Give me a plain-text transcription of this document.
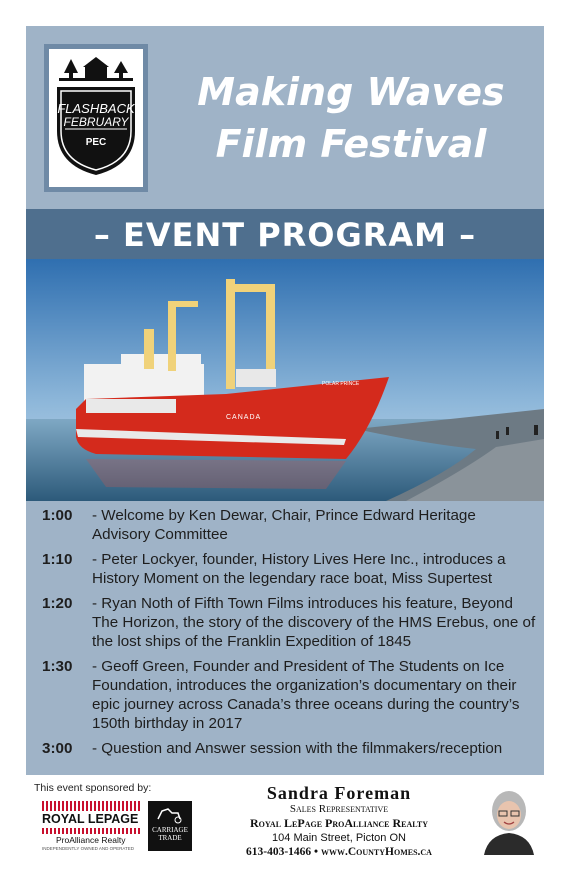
FLASHBACK
FEBRUARY
PEC
Making Waves
Film Festival
– EVENT PROGRAM –
CANADA
POLAR PRINCE
1:00	- Welcome by Ken Dewar, Chair, Prince Edward Heritage Advisory Committee
1:10	- Peter Lockyer, founder, History Lives Here Inc., introduces a History Moment on the legendary race boat, Miss Supertest
1:20	- Ryan Noth of Fifth Town Films introduces his feature, Beyond The Horizon, the story of the discovery of the HMS Erebus, one of the lost ships of the Franklin Expedition of 1845
1:30	- Geoff Green, Founder and President of The Students on Ice Foundation, introduces the organization’s documentary on their epic journey across Canada’s three oceans during the country’s 150th birthday in 2017
3:00	- Question and Answer session with the filmmakers/reception
This event sponsored by:
ROYAL LEPAGE
ProAlliance Realty
INDEPENDENTLY OWNED AND OPERATED
CARRIAGE
TRADE
Sandra Foreman
Sales Representative
Royal LePage ProAlliance Realty
104 Main Street, Picton ON
613-403-1466 • www.CountyHomes.ca
